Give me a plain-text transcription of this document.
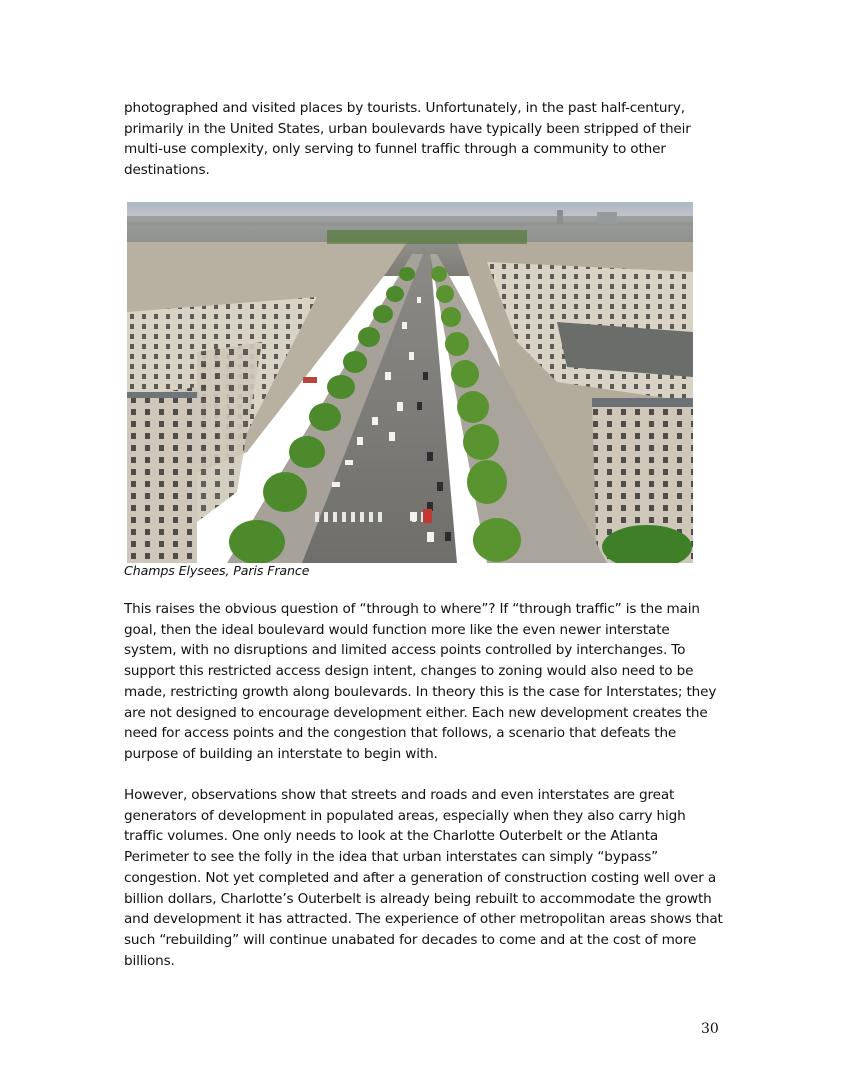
photographed and visited places by tourists. Unfortunately, in the past half-century, primarily in the United States, urban boulevards have typically been stripped of their multi-use complexity, only serving to funnel traffic through a community to other destinations.

Champs Elysees, Paris France

This raises the obvious question of “through to where”? If “through traffic” is the main goal, then the ideal boulevard would function more like the even newer interstate system, with no disruptions and limited access points controlled by interchanges. To support this restricted access design intent, changes to zoning would also need to be made, restricting growth along boulevards. In theory this is the case for Interstates; they are not designed to encourage development either. Each new development creates the need for access points and the congestion that follows, a scenario that defeats the purpose of building an interstate to begin with.

However, observations show that streets and roads and even interstates are great generators of development in populated areas, especially when they also carry high traffic volumes. One only needs to look at the Charlotte Outerbelt or the Atlanta Perimeter to see the folly in the idea that urban interstates can simply “bypass” congestion. Not yet completed and after a generation of construction costing well over a billion dollars, Charlotte’s Outerbelt is already being rebuilt to accommodate the growth and development it has attracted. The experience of other metropolitan areas shows that such “rebuilding” will continue unabated for decades to come and at the cost of more billions.

30
